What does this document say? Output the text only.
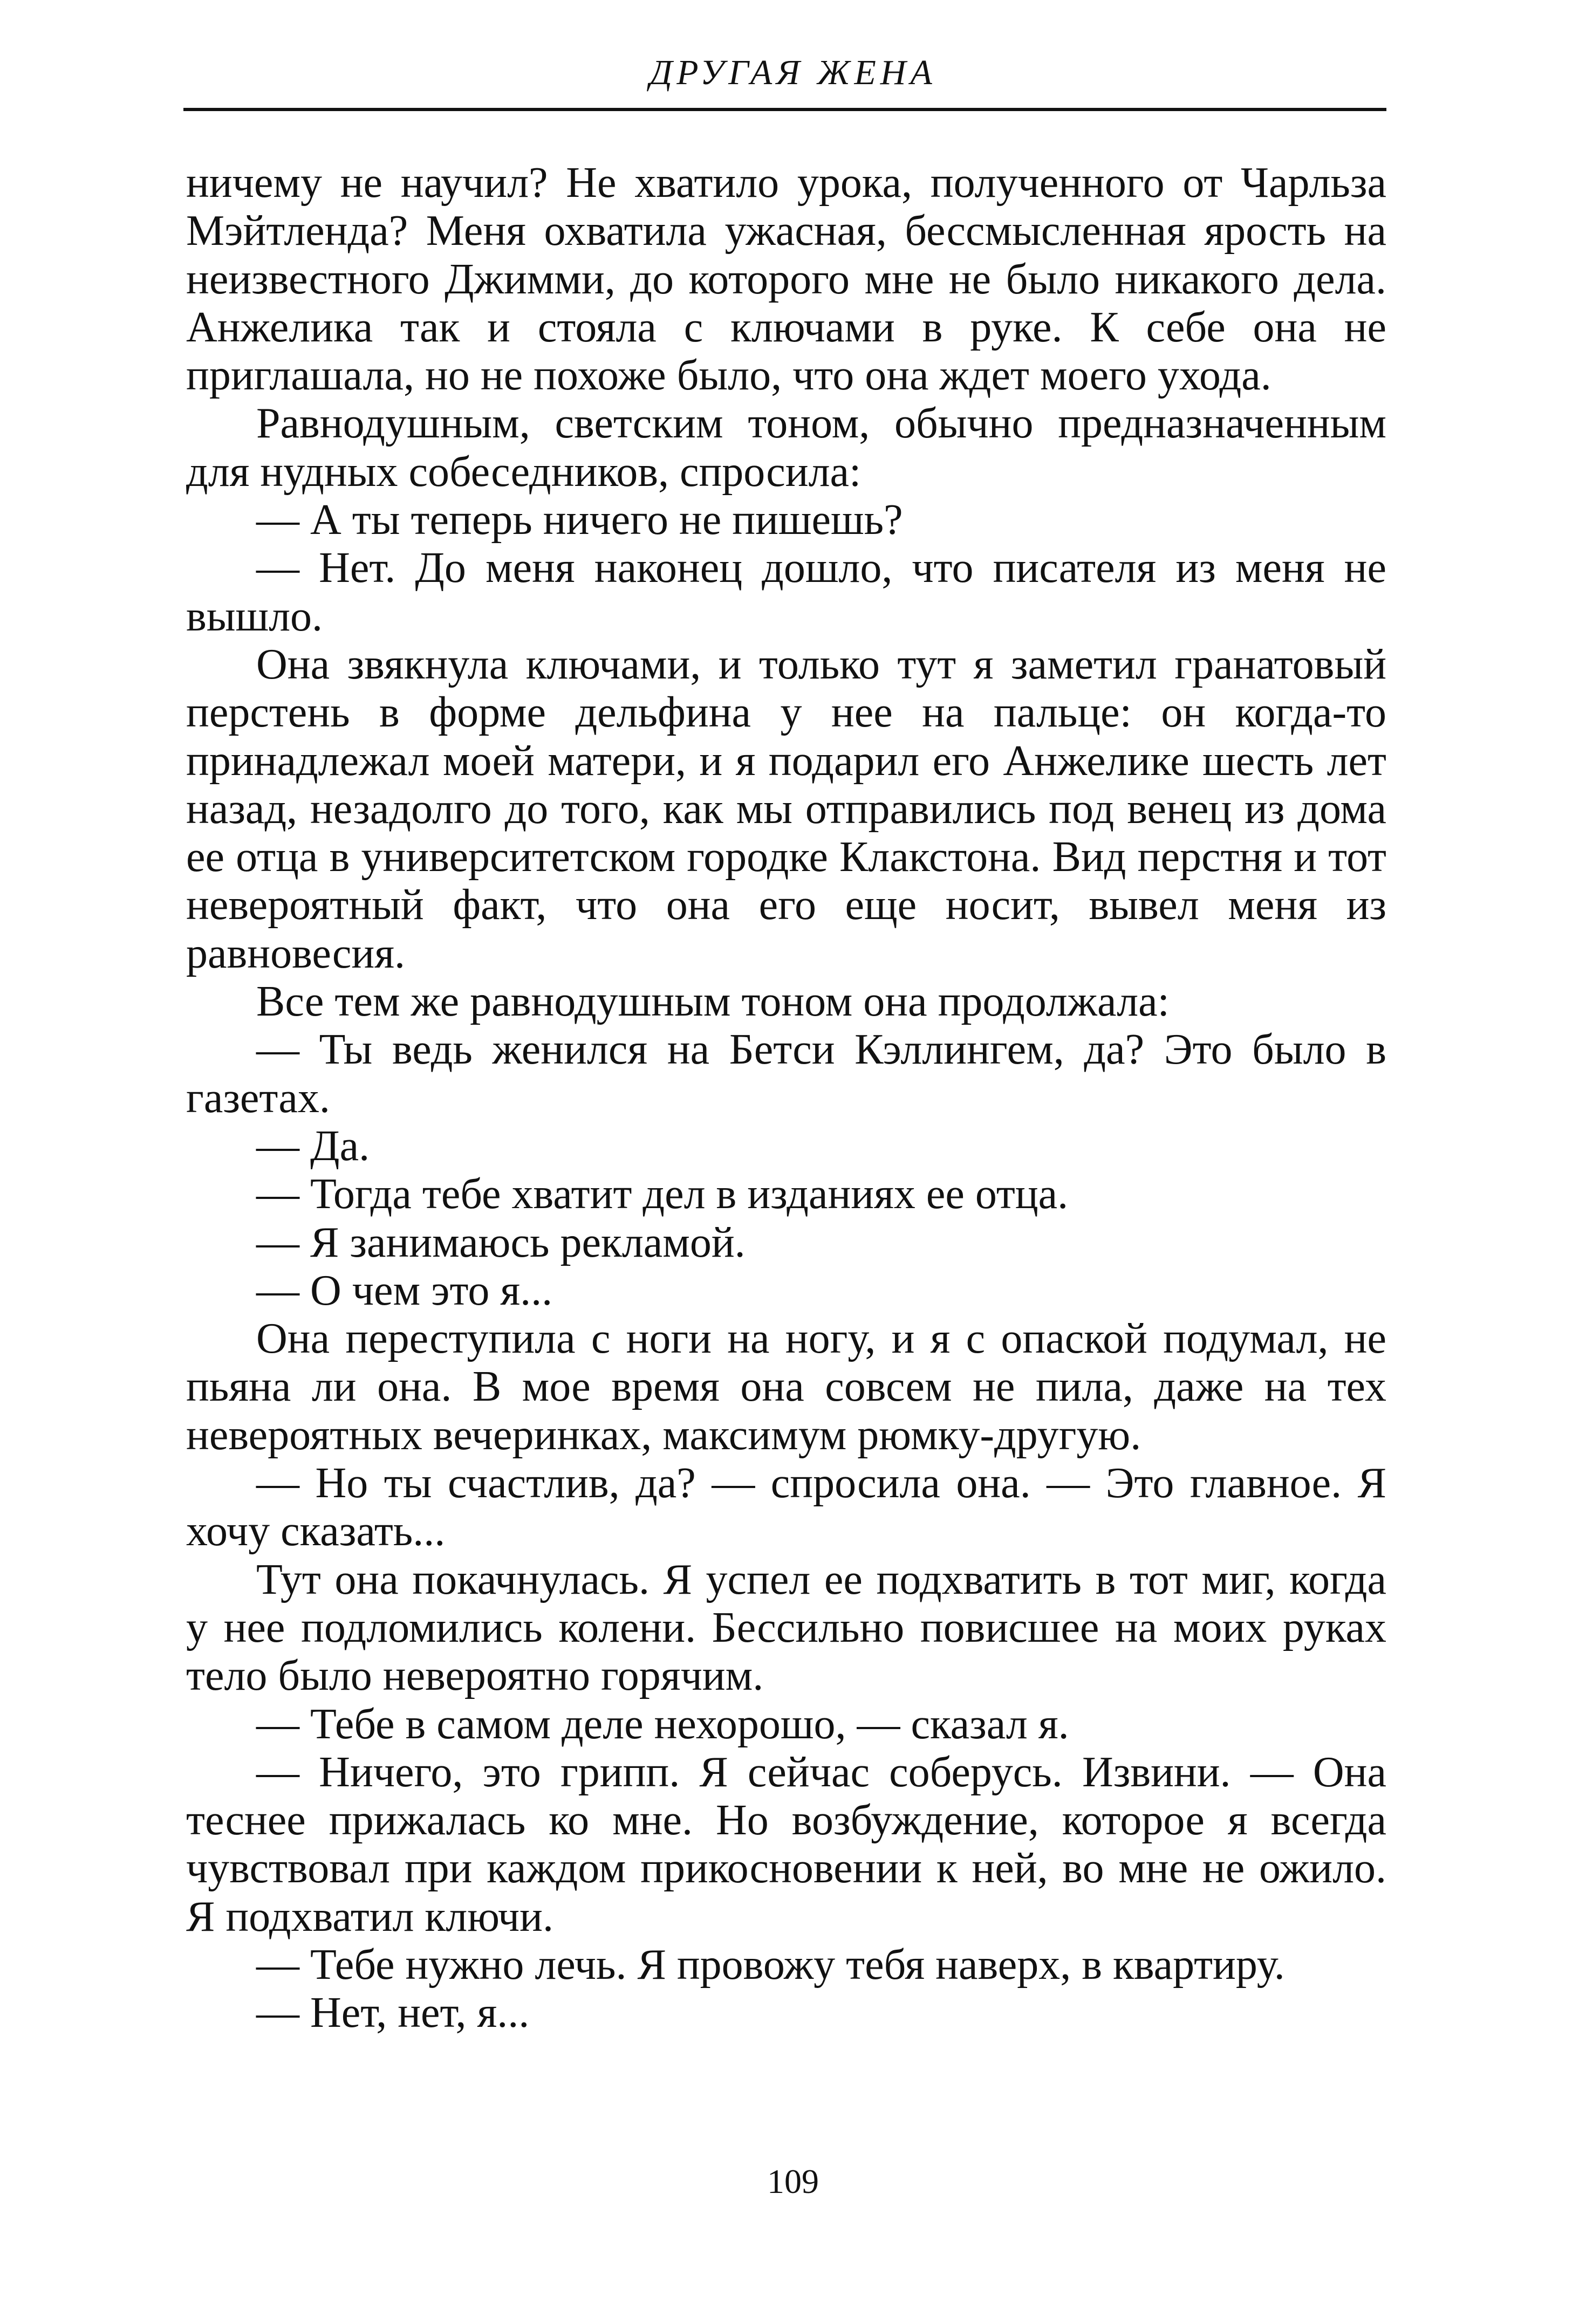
ДРУГАЯ ЖЕНА

ничему не научил? Не хватило урока, полученного от Чарльза Мэйтленда? Меня охватила ужасная, бессмысленная ярость на неизвестного Джимми, до которого мне не было никакого дела. Анжелика так и стояла с ключами в руке. К себе она не приглашала, но не похоже было, что она ждет моего ухода.

Равнодушным, светским тоном, обычно предназначенным для нудных собеседников, спросила:

— А ты теперь ничего не пишешь?

— Нет. До меня наконец дошло, что писателя из меня не вышло.

Она звякнула ключами, и только тут я заметил гранатовый перстень в форме дельфина у нее на пальце: он когда-то принадлежал моей матери, и я подарил его Анжелике шесть лет назад, незадолго до того, как мы отправились под венец из дома ее отца в университетском городке Клакстона. Вид перстня и тот невероятный факт, что она его еще носит, вывел меня из равновесия.

Все тем же равнодушным тоном она продолжала:

— Ты ведь женился на Бетси Кэллингем, да? Это было в газетах.

— Да.

— Тогда тебе хватит дел в изданиях ее отца.

— Я занимаюсь рекламой.

— О чем это я...

Она переступила с ноги на ногу, и я с опаской подумал, не пьяна ли она. В мое время она совсем не пила, даже на тех невероятных вечеринках, максимум рюмку-другую.

— Но ты счастлив, да? — спросила она. — Это главное. Я хочу сказать...

Тут она покачнулась. Я успел ее подхватить в тот миг, когда у нее подломились колени. Бессильно повисшее на моих руках тело было невероятно горячим.

— Тебе в самом деле нехорошо, — сказал я.

— Ничего, это грипп. Я сейчас соберусь. Извини. — Она теснее прижалась ко мне. Но возбуждение, которое я всегда чувствовал при каждом прикосновении к ней, во мне не ожило. Я подхватил ключи.

— Тебе нужно лечь. Я провожу тебя наверх, в квартиру.

— Нет, нет, я...

109
